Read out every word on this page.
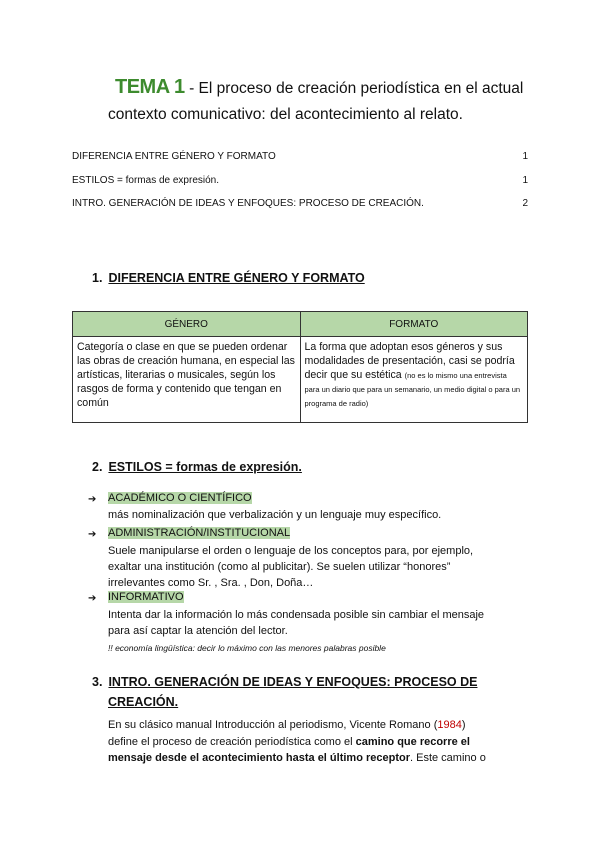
TEMA 1 - El proceso de creación periodística en el actual
contexto comunicativo: del acontecimiento al relato.
DIFERENCIA ENTRE GÉNERO Y FORMATO	1
ESTILOS = formas de expresión.	1
INTRO. GENERACIÓN DE IDEAS Y ENFOQUES: PROCESO DE CREACIÓN.	2
1. DIFERENCIA ENTRE GÉNERO Y FORMATO
GÉNERO	FORMATO
Categoría o clase en que se pueden ordenar las obras de creación humana, en especial las artísticas, literarias o musicales, según los rasgos de forma y contenido que tengan en común	La forma que adoptan esos géneros y sus modalidades de presentación, casi se podría decir que su estética (no es lo mismo una entrevista para un diario que para un semanario, un medio digital o para un programa de radio)
2. ESTILOS = formas de expresión.
➔ ACADÉMICO O CIENTÍFICO
más nominalización que verbalización y un lenguaje muy específico.
➔ ADMINISTRACIÓN/INSTITUCIONAL
Suele manipularse el orden o lenguaje de los conceptos para, por ejemplo,
exaltar una institución (como al publicitar). Se suelen utilizar “honores”
irrelevantes como Sr. , Sra. , Don, Doña…
➔ INFORMATIVO
Intenta dar la información lo más condensada posible sin cambiar el mensaje
para así captar la atención del lector.
!! economía lingüística: decir lo máximo con las menores palabras posible
3. INTRO. GENERACIÓN DE IDEAS Y ENFOQUES: PROCESO DE
CREACIÓN.
En su clásico manual Introducción al periodismo, Vicente Romano (1984)
define el proceso de creación periodística como el camino que recorre el
mensaje desde el acontecimiento hasta el último receptor. Este camino o
